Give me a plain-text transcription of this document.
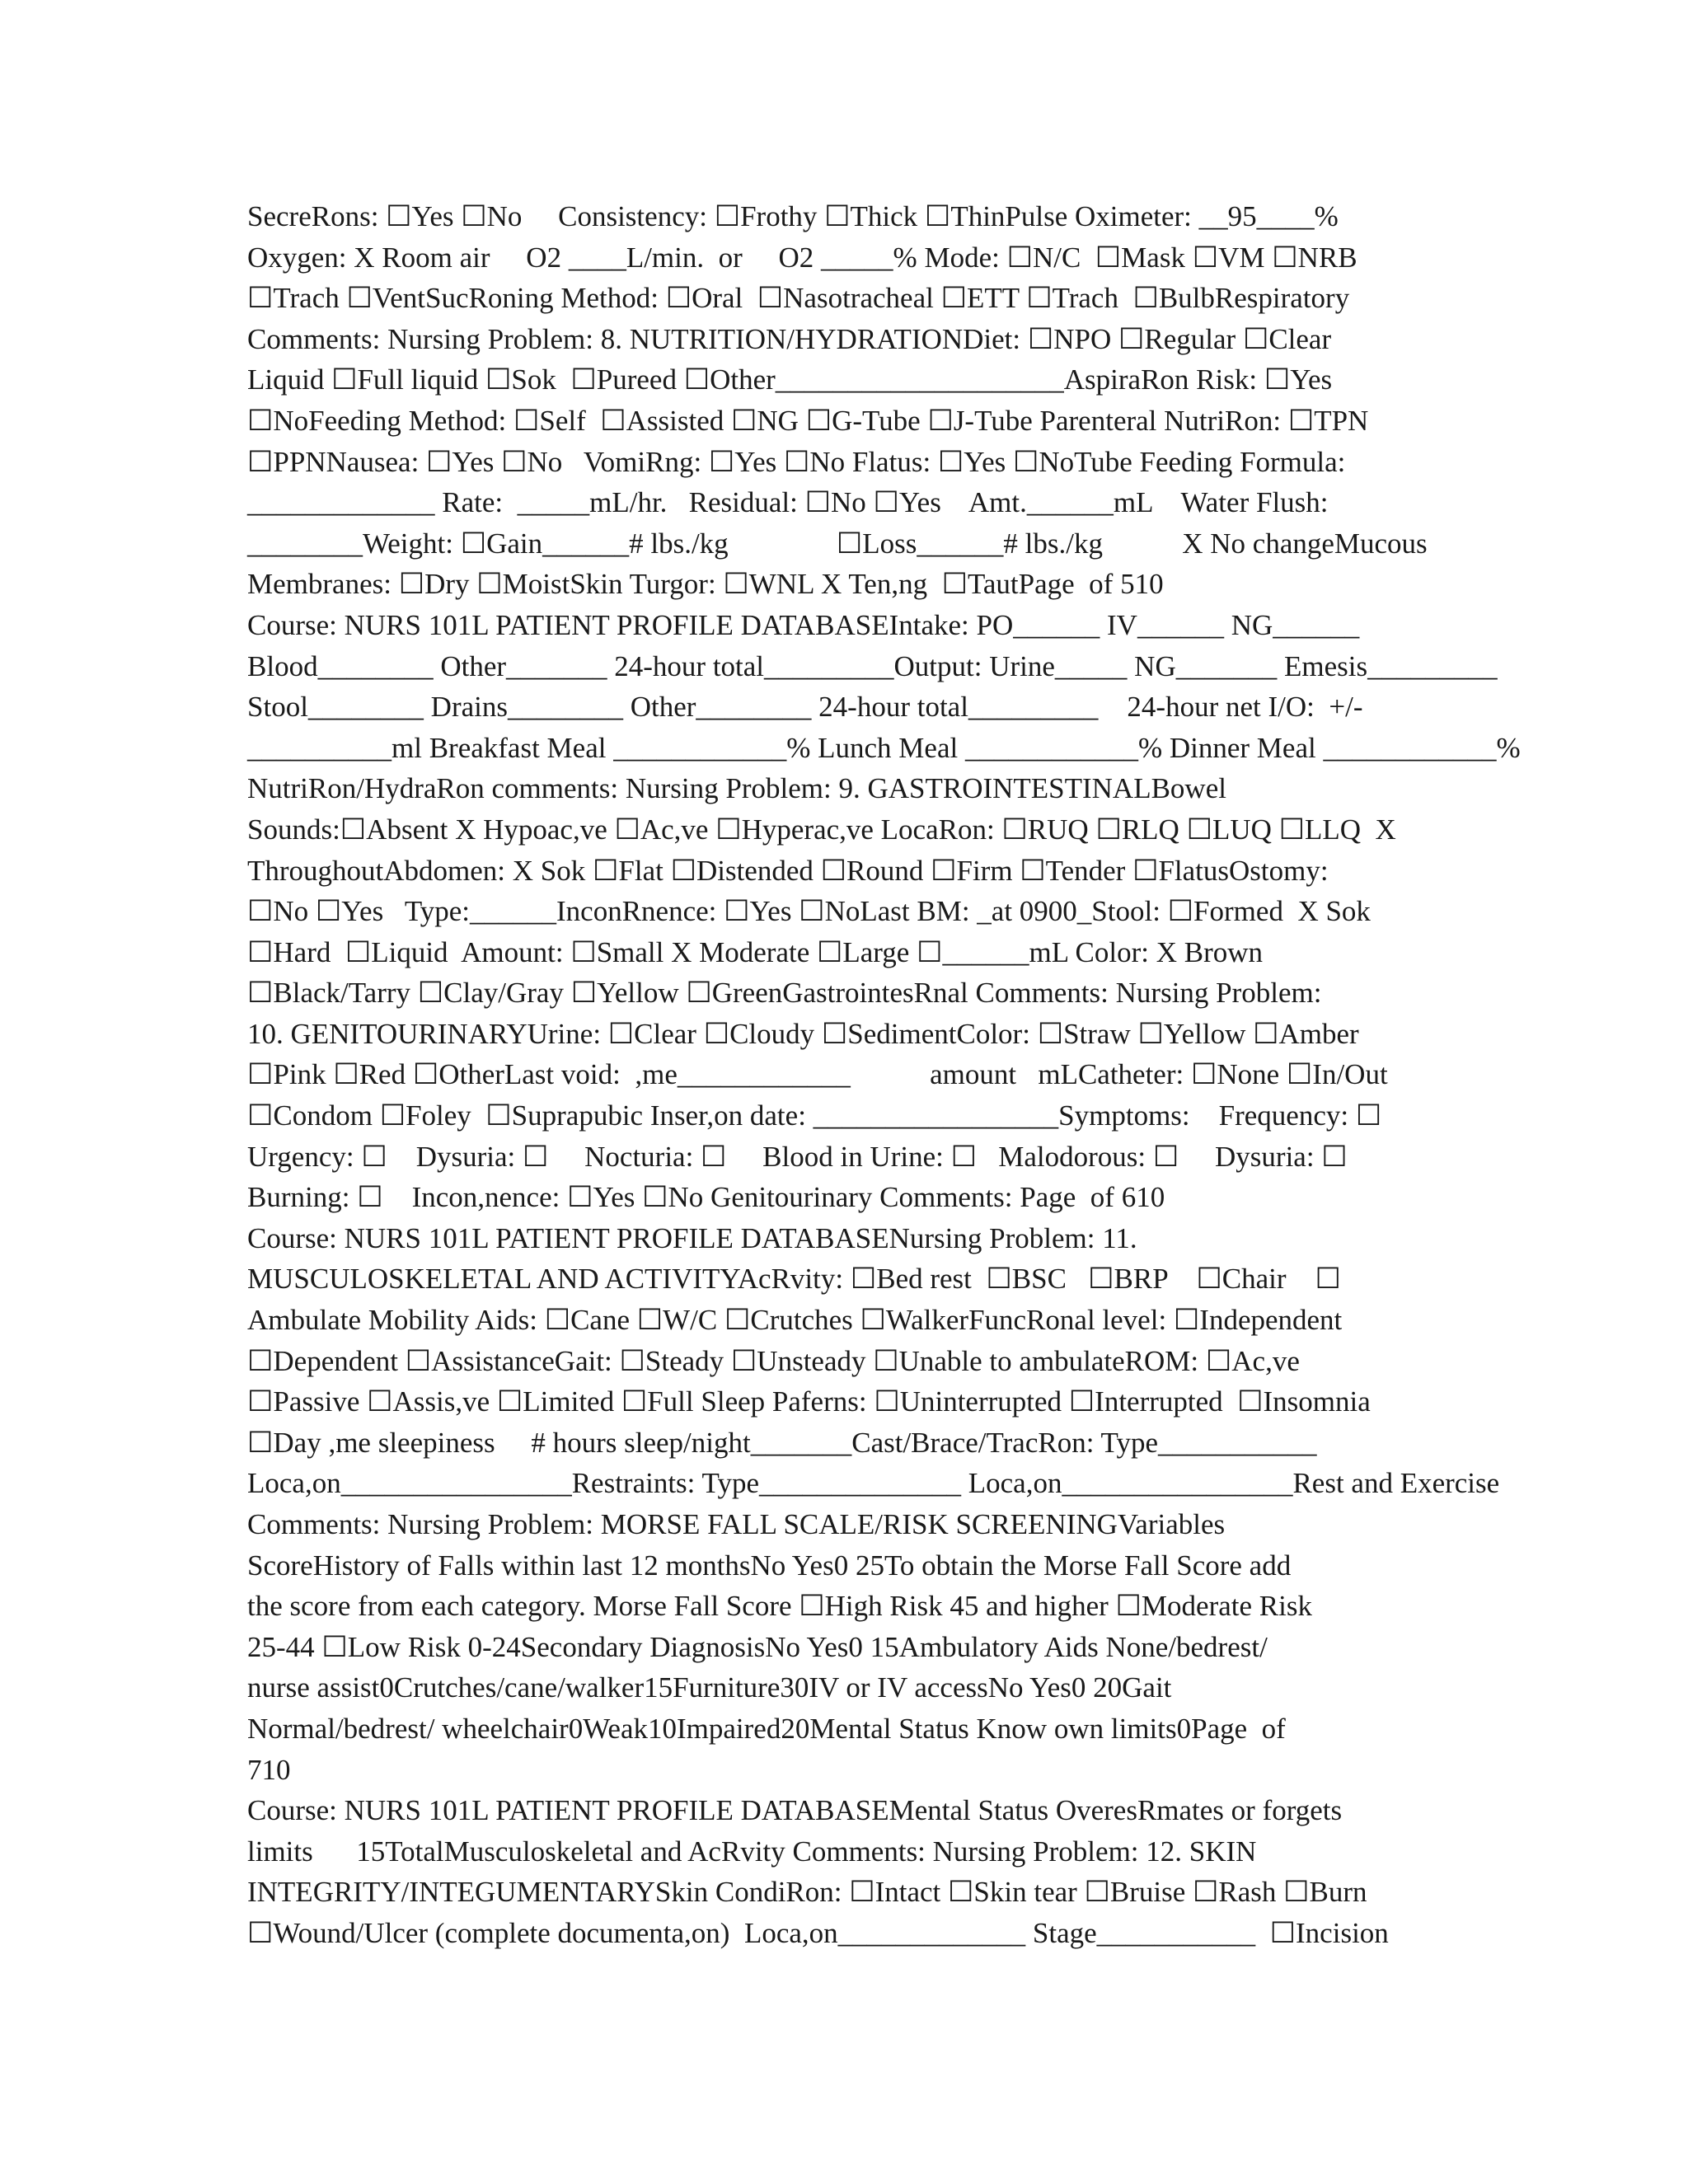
SecreRons: ☐Yes ☐No     Consistency: ☐Frothy ☐Thick ☐ThinPulse Oximeter: __95____%
Oxygen: X Room air     O2 ____L/min.  or     O2 _____% Mode: ☐N/C  ☐Mask ☐VM ☐NRB
☐Trach ☐VentSucRoning Method: ☐Oral  ☐Nasotracheal ☐ETT ☐Trach  ☐BulbRespiratory
Comments: Nursing Problem: 8. NUTRITION/HYDRATIONDiet: ☐NPO ☐Regular ☐Clear
Liquid ☐Full liquid ☐Sok  ☐Pureed ☐Other____________________AspiraRon Risk: ☐Yes
☐NoFeeding Method: ☐Self  ☐Assisted ☐NG ☐G-Tube ☐J-Tube Parenteral NutriRon: ☐TPN
☐PPNNausea: ☐Yes ☐No   VomiRng: ☐Yes ☐No Flatus: ☐Yes ☐NoTube Feeding Formula:
_____________ Rate:  _____mL/hr.   Residual: ☐No ☐Yes    Amt.______mL    Water Flush:
________Weight: ☐Gain______# lbs./kg               ☐Loss______# lbs./kg           X No changeMucous
Membranes: ☐Dry ☐MoistSkin Turgor: ☐WNL X Ten,ng  ☐TautPage  of 510
Course: NURS 101L PATIENT PROFILE DATABASEIntake: PO______ IV______ NG______
Blood________ Other_______ 24-hour total_________Output: Urine_____ NG_______ Emesis_________
Stool________ Drains________ Other________ 24-hour total_________    24-hour net I/O:  +/-
__________ml Breakfast Meal ____________% Lunch Meal ____________% Dinner Meal ____________%
NutriRon/HydraRon comments: Nursing Problem: 9. GASTROINTESTINALBowel
Sounds:☐Absent X Hypoac,ve ☐Ac,ve ☐Hyperac,ve LocaRon: ☐RUQ ☐RLQ ☐LUQ ☐LLQ  X
ThroughoutAbdomen: X Sok ☐Flat ☐Distended ☐Round ☐Firm ☐Tender ☐FlatusOstomy:
☐No ☐Yes   Type:______InconRnence: ☐Yes ☐NoLast BM: _at 0900_Stool: ☐Formed  X Sok
☐Hard  ☐Liquid  Amount: ☐Small X Moderate ☐Large ☐______mL Color: X Brown
☐Black/Tarry ☐Clay/Gray ☐Yellow ☐GreenGastrointesRnal Comments: Nursing Problem:
10. GENITOURINARYUrine: ☐Clear ☐Cloudy ☐SedimentColor: ☐Straw ☐Yellow ☐Amber
☐Pink ☐Red ☐OtherLast void:  ,me____________           amount   mLCatheter: ☐None ☐In/Out
☐Condom ☐Foley  ☐Suprapubic Inser,on date: _________________Symptoms:    Frequency: ☐
Urgency: ☐    Dysuria: ☐     Nocturia: ☐     Blood in Urine: ☐   Malodorous: ☐     Dysuria: ☐
Burning: ☐    Incon,nence: ☐Yes ☐No Genitourinary Comments: Page  of 610
Course: NURS 101L PATIENT PROFILE DATABASENursing Problem: 11.
MUSCULOSKELETAL AND ACTIVITYAcRvity: ☐Bed rest  ☐BSC   ☐BRP    ☐Chair    ☐
Ambulate Mobility Aids: ☐Cane ☐W/C ☐Crutches ☐WalkerFuncRonal level: ☐Independent
☐Dependent ☐AssistanceGait: ☐Steady ☐Unsteady ☐Unable to ambulateROM: ☐Ac,ve
☐Passive ☐Assis,ve ☐Limited ☐Full Sleep Paferns: ☐Uninterrupted ☐Interrupted  ☐Insomnia
☐Day ,me sleepiness     # hours sleep/night_______Cast/Brace/TracRon: Type___________
Loca,on________________Restraints: Type______________ Loca,on________________Rest and Exercise
Comments: Nursing Problem: MORSE FALL SCALE/RISK SCREENINGVariables
ScoreHistory of Falls within last 12 monthsNo Yes0 25To obtain the Morse Fall Score add
the score from each category. Morse Fall Score ☐High Risk 45 and higher ☐Moderate Risk
25-44 ☐Low Risk 0-24Secondary DiagnosisNo Yes0 15Ambulatory Aids None/bedrest/
nurse assist0Crutches/cane/walker15Furniture30IV or IV accessNo Yes0 20Gait
Normal/bedrest/ wheelchair0Weak10Impaired20Mental Status Know own limits0Page  of
710
Course: NURS 101L PATIENT PROFILE DATABASEMental Status OveresRmates or forgets
limits      15TotalMusculoskeletal and AcRvity Comments: Nursing Problem: 12. SKIN
INTEGRITY/INTEGUMENTARYSkin CondiRon: ☐Intact ☐Skin tear ☐Bruise ☐Rash ☐Burn
☐Wound/Ulcer (complete documenta,on)  Loca,on_____________ Stage___________  ☐Incision
